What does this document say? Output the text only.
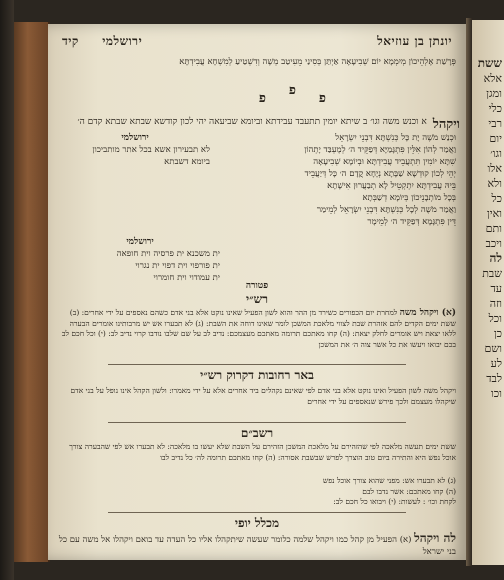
יונתן בן עוזיאל
ירושלמי     קיד
פְּרָשַׁת אֶלְהֵיכוֹן מְיִמְמָא יוֹם שְׁבִיעָאָה אַיְתַּן בְּסִינַי מֵעִיטַב מְשֶׁה וְדִשְׁטַיעַ לְמִשְׁחָא עֲבִידְתָּא
פ
פ	פ
ויקהל
א וכנש משה וגו׳ ב שיתא יומין תתעבד עבידתא וביומא שביעאה יהי לכון קודשא שבתא שבתא קדם ה׳
וּכְנַשׁ מֹשֶׁה יָת כָּל כְּנִשְׁתָּא דִּבְנֵי יִשְׂרָאֵל
וַאֲמַר לְהוֹן אִלֵּין פִּתְגָּמַיָּא דְּפַקֵּיד ה׳ לְמֶעְבַּד יָתְהוֹן
שִׁתָּא יוֹמִין תִּתְעֲבֵיד עֲבִידְתָּא וּבְיוֹמָא שְׁבִיעָאָה
יְהֵי לְכוֹן קוּדְשָׁא שַׁבָּתָא נְיָחָא קֳדָם ה׳ כָּל דְּיַעֲבֵיד
בֵּיהּ עֲבִידְתָּא יִתְקְטֵיל לָא תְבַעֲרוּן אִישָׁתָא
בְּכָל מוֹתְבָנֵיכוֹן בְּיוֹמָא דְשַׁבְּתָא
וַאֲמַר מֹשֶׁה לְכָל כְּנִשְׁתָּא דִּבְנֵי יִשְׂרָאֵל לְמֵימַר
דֵּין פִּתְגָּמָא דְּפַקֵּיד ה׳ לְמֵימָר
ירושלמי
לא תבעירון אשא בכל אתר מותביכון
ביומא דשבתא
ירושלמי
ית משכנא ית פרסיה וית חופאה
ית פורפוי וית דפוי ית נגרוי
ית עמודוי וית חומרוי
פטורה
רש״י
(א) ויקהל משה למחרת יום הכפורים כשירד מן ההר והוא לשון הפעיל שאינו נוקט אלא בני אדם כשהם נאספים על ידי אחרים: (ב) ששת ימים הקדים להם אזהרת שבת לצווי מלאכת המשכן לומר שאינו דוחה את השבת: (ג) לא תבערו אש יש מרבותינו אומרים הבערה ללאו יצאת ויש אומרים לחלק יצאת: (ה) קחו מאתכם תרומה מאתכם מעצמכם: נדיב לב על שם שלבו נודבו קרוי נדיב לב: (י) וכל חכם לב בכם יבואו ויעשו את כל אשר צוה ה׳ את המשכן
באר רחובות דקרוק רש״י
ויקהל משה לשון הפעיל ואינו נוקט אלא בני אדם לפי שאינם נקהלים ביד אחרים אלא על ידי מאמרו: ולשון הקהל אינו נופל על בני אדם שיקהלו מעצמם ולכך פירש שנאספים על ידי אחרים
רשב״ם
ששת ימים תעשה מלאכה לפי שהזהירם על מלאכת המשכן הזהירם על השבת שלא יעשו בו מלאכה: לא תבערו אש לפי שהבערה צורך אוכל נפש היא והתירה ביום טוב הוצרך לפרש שבשבת אסורה: (ה) קחו מאתכם תרומה לה׳ כל נדיב לבו
(ג) לא תבערו אש: מפני שהוא צורך אוכל נפש
(ה) קחו מאתכם: אשר נדבו לבם
לקחת וכו׳ : לעשות: (י) ויבואו כל חכם לב:
מכלל יופי
לה ויקהל (א) הפעיל מן קהל כמו ויקהל שלמה כלומר שעשה שיתקהלו אליו כל העדה עד בואם ויקהלו אל משה עם כל בני ישראל
ששת
אלא
ומגן
כלי
רבי
יום
וגו׳
אלו
ולא
כל
ואין
ותם
ויכב
לה
שבת
עד
וזה
וכל
כן
ושם
לע
לבד
וכו
